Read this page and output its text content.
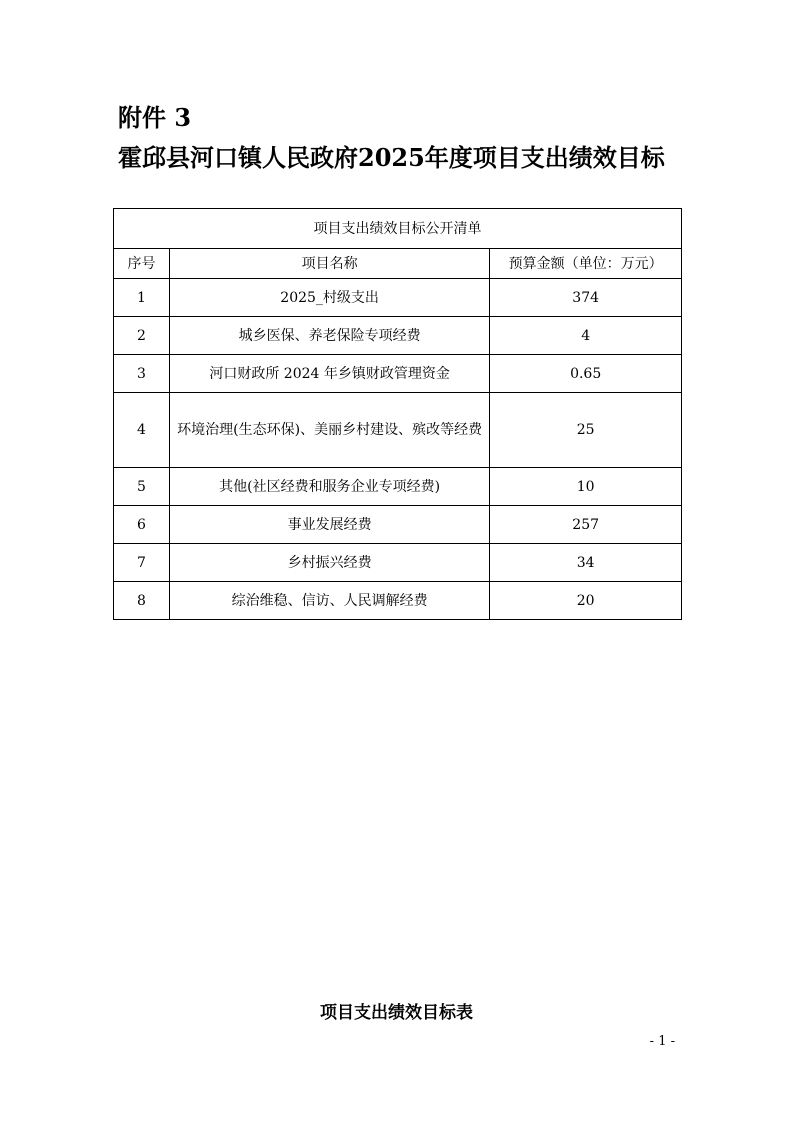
附件 3
霍邱县河口镇人民政府2025年度项目支出绩效目标
项目支出绩效目标公开清单		
序号	项目名称	预算金额（单位：万元）
1	2025_村级支出	374
2	城乡医保、养老保险专项经费	4
3	河口财政所 2024 年乡镇财政管理资金	0.65
4	环境治理(生态环保)、美丽乡村建设、殡改等经费	25
5	其他(社区经费和服务企业专项经费)	10
6	事业发展经费	257
7	乡村振兴经费	34
8	综治维稳、信访、人民调解经费	20
项目支出绩效目标表
- 1 -
